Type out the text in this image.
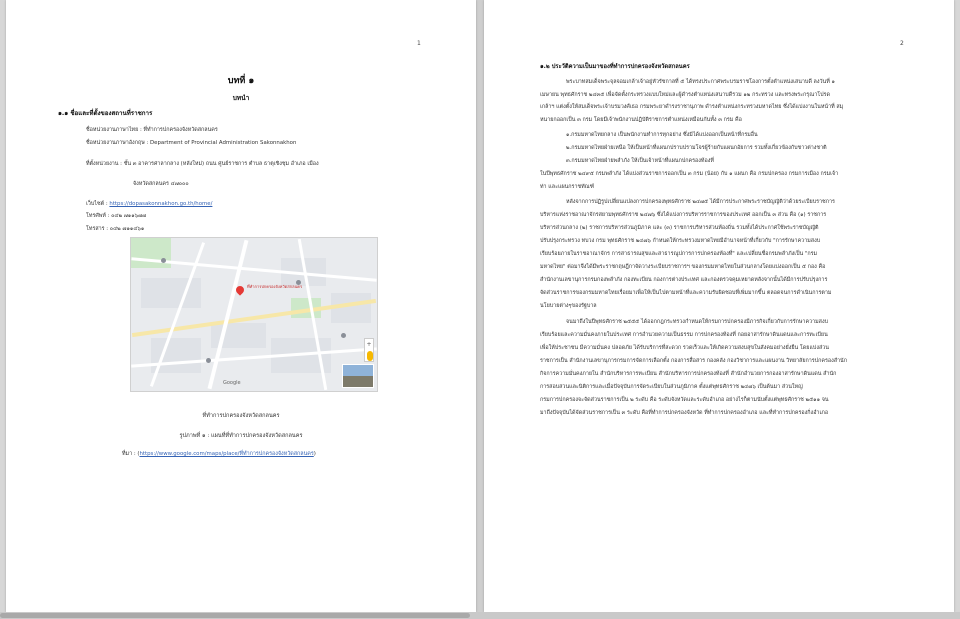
1
บทที่ ๑
บทนำ
๑.๑ ชื่อและที่ตั้งของสถานที่ราชการ
ชื่อหน่วยงานภาษาไทย : ที่ทำการปกครองจังหวัดสกลนคร
ชื่อหน่วยงานภาษาอังกฤษ : Department of Provincial Administration Sakonnakhon
ที่ตั้งหน่วยงาน : ชั้น ๓ อาคารศาลากลาง (หลังใหม่) ถนน ศูนย์ราชการ ตำบล ธาตุเชิงชุม อำเภอ เมือง
จังหวัดสกลนคร ๔๗๐๐๐
เว็บไซต์ : https://dopasakonnakhon.go.th/home/
โทรศัพท์ : ๐๔๒ ๗๑๑๖๗๗
โทรสาร : ๐๔๒ ๗๑๑๔๖๑
ที่ทำการปกครองจังหวัดสกลนคร
Google
+

ที่ทำการปกครองจังหวัดสกลนคร
รูปภาพที่ ๑ : แผนที่ที่ทำการปกครองจังหวัดสกลนคร
ที่มา : (https://www.google.com/maps/place/ที่ทำการปกครองจังหวัดสกลนคร)
2
๑.๒ ประวัติความเป็นมาของที่ทำการปกครองจังหวัดสกลนคร
พระบาทสมเด็จพระจุลจอมเกล้าเจ้าอยู่หัวรัชกาลที่ ๕ ได้ทรงประกาศพระบรมราชโองการตั้งตำแหน่งเสนาบดี ลงวันที่ ๑
เมษายน พุทธศักราช ๒๔๓๕ เพื่อจัดตั้งกระทรวงแบบใหม่และผู้ดำรงตำแหน่งเสนาบดีรวม ๑๒ กระทรวง และทรงพระกรุณาโปรด
เกล้าฯ แต่งตั้งให้สมเด็จพระเจ้าบรมวงศ์เธอ กรมพระยาดำรงราชานุภาพ ดำรงตำแหน่งกระทรวงมหาดไทย ซึ่งได้แบ่งงานในหน้าที่ สมุ
หนายกออกเป็น ๓ กรม โดยมีเจ้าพนักงานปฏิบัติราชการตำแหน่งเหมือนกันทั้ง ๓ กรม คือ
๑.กรมมหาดไทยกลาง เป็นพนักงานทำการทุกอย่าง ซึ่งมิได้แบ่งออกเป็นหน้าที่กรมอื่น
๒.กรมมหาดไทยฝ่ายเหนือ ให้เป็นหน้าที่แผนกปราบปรามโจรผู้ร้ายกับแผนกอัยการ รวมทั้งเกี่ยวข้องกับชาวต่างชาติ
๓.กรมมหาดไทยฝ่ายพลำภัง ให้เป็นเจ้าหน้าที่แผนกปกครองท้องที่
ในปีพุทธศักราช ๒๔๙๕ กรมพลำภัง ได้แบ่งส่วนราชการออกเป็น ๓ กรม (น้อย) กับ ๑ แผนก คือ กรมปกครอง กรมการเมือง กรมเจ้า
ท่า และแผนกราชทัณฑ์
หลังจากการปฏิรูปเปลี่ยนแปลงการปกครองพุทธศักราช ๒๔๗๕ ได้มีการประกาศพระราชบัญญัติว่าด้วยระเบียบราชการ
บริหารแห่งราชอาณาจักรสยามพุทธศักราช ๒๔๗๖ ซึ่งได้แบ่งการบริหารราชการของประเทศ ออกเป็น ๓ ส่วน คือ (๑) ราชการ
บริหารส่วนกลาง (๒) ราชการบริหารส่วนภูมิภาค และ (๓) ราชการบริหารส่วนท้องถิ่น รวมทั้งได้ประกาศใช้พระราชบัญญัติ
ปรับปรุงกระทรวง ทบวง กรม พุทธศักราช ๒๔๗๖ กำหนดให้กระทรวงมหาดไทยมีอำนาจหน้าที่เกี่ยวกับ "การรักษาความสงบ
เรียบร้อยภายในราชอาณาจักร การสาธารณสุขและสาธารณูปการการปกครองท้องที่" และเปลี่ยนชื่อกรมพลำภังเป็น "กรม
มหาดไทย" ต่อมาจึงได้มีพระราชกฤษฎีกาจัดวางระเบียบราชการฯ ของกรมมหาดไทยในส่วนกลางโดยแบ่งออกเป็น ๕ กอง คือ
สำนักงานเลขานุการกรมกองพลำภัง กองทะเบียน กองการต่างประเทศ และกองตรวจคุมเหยาดหลังจากนั้นได้มีการปรับปรุงการ
จัดส่วนราชการของกรมมหาดไทยเรื่อยมาเพื่อให้เป็นไปตามหน้าที่และความรับผิดชอบที่เพิ่มมากขึ้น ตลอดจนการดำเนินการตาม
นโยบายต่างๆของรัฐบาล
จนมาถึงในปีพุทธศักราช ๒๕๕๕ ได้ออกกฎกระทรวงกำหนดให้กรมการปกครองมีภารกิจเกี่ยวกับการรักษาความสงบ
เรียบร้อยและความมั่นคงภายในประเทศ การอำนวยความเป็นธรรม การปกครองท้องที่ กอยอาสารักษาดินแดนและการทะเบียน
เพื่อให้ประชาชน มีความมั่นคง ปลอดภัย ได้รับบริการที่สะดวก รวดเร็วและให้เกิดความสงบสุขในสังคมอย่างยั่งยืน โดยแบ่งส่วน
ราชการเป็น สำนักงานเลขานุการกรมการจัดการเลือกตั้ง กองการสื่อสาร กองคลัง กองวิชาการและแผนงาน วิทยาลัยการปกครองสำนัก
กิจการความมั่นคงภายใน สำนักบริหารการทะเบียน สำนักบริหารการปกครองท้องที่ สำนักอำนวยการกองอาสารักษาดินแดน สำนัก
การสอบสวนและนิติการและเมื่อปัจจุบันการจัดระเบียบในส่วนภูมิภาค ตั้งแต่พุทธศักราช ๒๔๗๖ เป็นต้นมา ส่วนใหญ่
กรมการปกครองจะจัดส่วนราชการเป็น ๒ ระดับ คือ ระดับจังหวัดและระดับอำเภอ อย่างไรก็ตามนับตั้งแต่พุทธศักราช ๒๕๑๑ จน
มาถึงปัจจุบันได้จัดส่วนราชการเป็น ๓ ระดับ คือที่ทำการปกครองจังหวัด ที่ทำการปกครองอำเภอ และที่ทำการปกครองกิ่งอำเภอ
